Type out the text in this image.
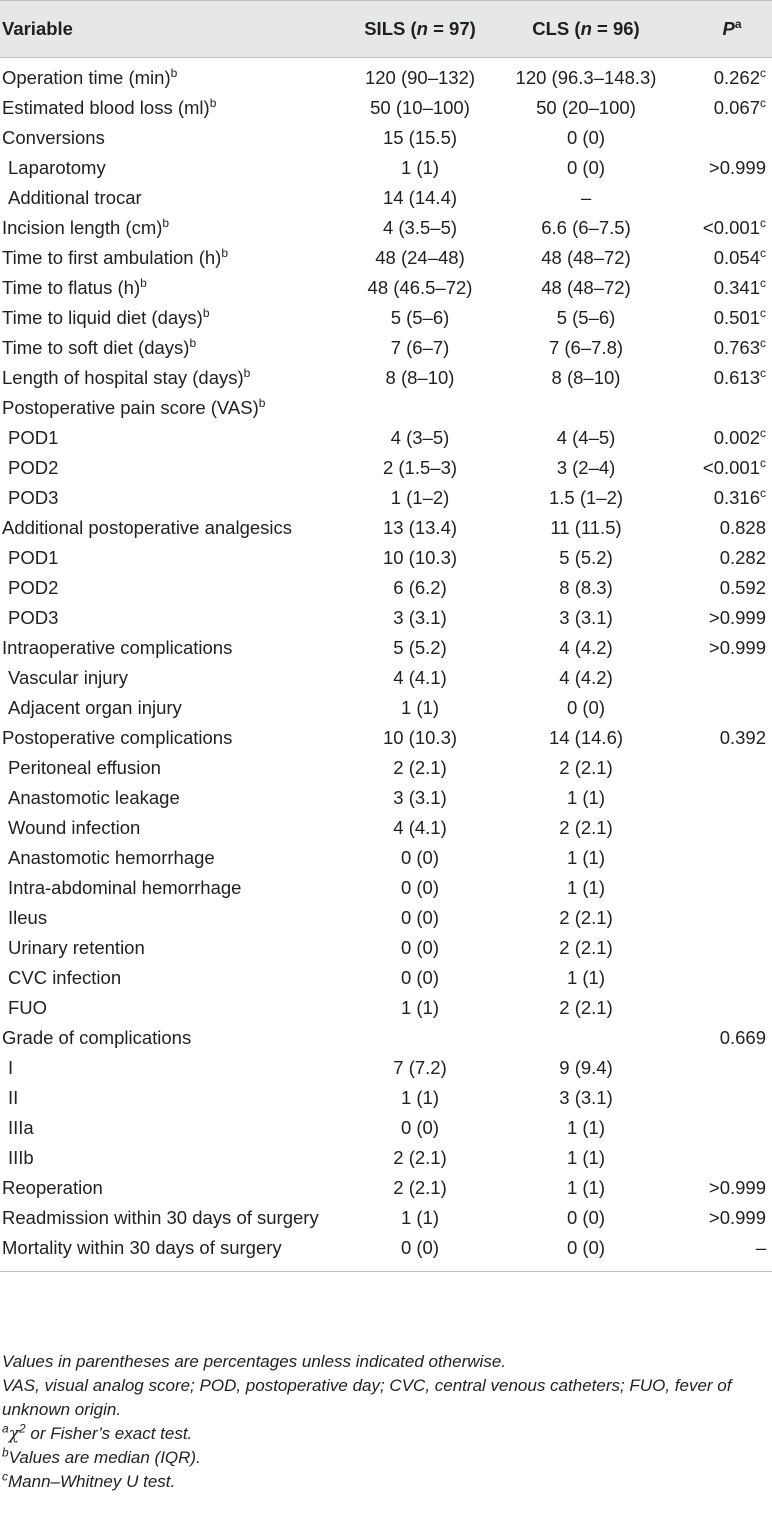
Variable	SILS (n = 97)	CLS (n = 96)	$P^a$
Operation time $(\min)^b$	120 (90–132)	120 (96.3–148.3)	0.262$^c$
Estimated blood loss (ml)$^b$	50 (10–100)	50 (20–100)	0.067$^c$
Conversions	15 (15.5)	0 (0)	
Laparotomy	1 (1)	0 (0)	>0.999
Additional trocar	14 (14.4)	–	
Incision length (cm)$^b$	4 (3.5–5)	6.6 (6–7.5)	<0.001$^c$
Time to first ambulation $(h)^b$	48 (24–48)	48 (48–72)	0.054$^c$
Time to flatus $(h)^b$	48 (46.5–72)	48 (48–72)	0.341$^c$
Time to liquid diet (days)$^b$	5 (5–6)	5 (5–6)	0.501$^c$
Time to soft diet (days)$^b$	7 (6–7)	7 (6–7.8)	0.763$^c$
Length of hospital stay (days)$^b$	8 (8–10)	8 (8–10)	0.613$^c$
Postoperative pain score (VAS)$^b$			
POD1	4 (3–5)	4 (4–5)	0.002$^c$
POD2	2 (1.5–3)	3 (2–4)	<0.001$^c$
POD3	1 (1–2)	1.5 (1–2)	0.316$^c$
Additional postoperative analgesics	13 (13.4)	11 (11.5)	0.828
POD1	10 (10.3)	5 (5.2)	0.282
POD2	6 (6.2)	8 (8.3)	0.592
POD3	3 (3.1)	3 (3.1)	>0.999
Intraoperative complications	5 (5.2)	4 (4.2)	>0.999
Vascular injury	4 (4.1)	4 (4.2)	
Adjacent organ injury	1 (1)	0 (0)	
Postoperative complications	10 (10.3)	14 (14.6)	0.392
Peritoneal effusion	2 (2.1)	2 (2.1)	
Anastomotic leakage	3 (3.1)	1 (1)	
Wound infection	4 (4.1)	2 (2.1)	
Anastomotic hemorrhage	0 (0)	1 (1)	
Intra-abdominal hemorrhage	0 (0)	1 (1)	
Ileus	0 (0)	2 (2.1)	
Urinary retention	0 (0)	2 (2.1)	
CVC infection	0 (0)	1 (1)	
FUO	1 (1)	2 (2.1)	
Grade of complications			0.669
I	7 (7.2)	9 (9.4)	
II	1 (1)	3 (3.1)	
IIIa	0 (0)	1 (1)	
IIIb	2 (2.1)	1 (1)	
Reoperation	2 (2.1)	1 (1)	>0.999
Readmission within 30 days of surgery	1 (1)	0 (0)	>0.999
Mortality within 30 days of surgery	0 (0)	0 (0)	–

Values in parentheses are percentages unless indicated otherwise.

VAS, visual analog score; POD, postoperative day; CVC, central venous catheters; FUO, fever of unknown origin.

$^a\chi^2$ or Fisher’s exact test.

$^b$Values are median (IQR).

$^c$Mann–Whitney U test.
